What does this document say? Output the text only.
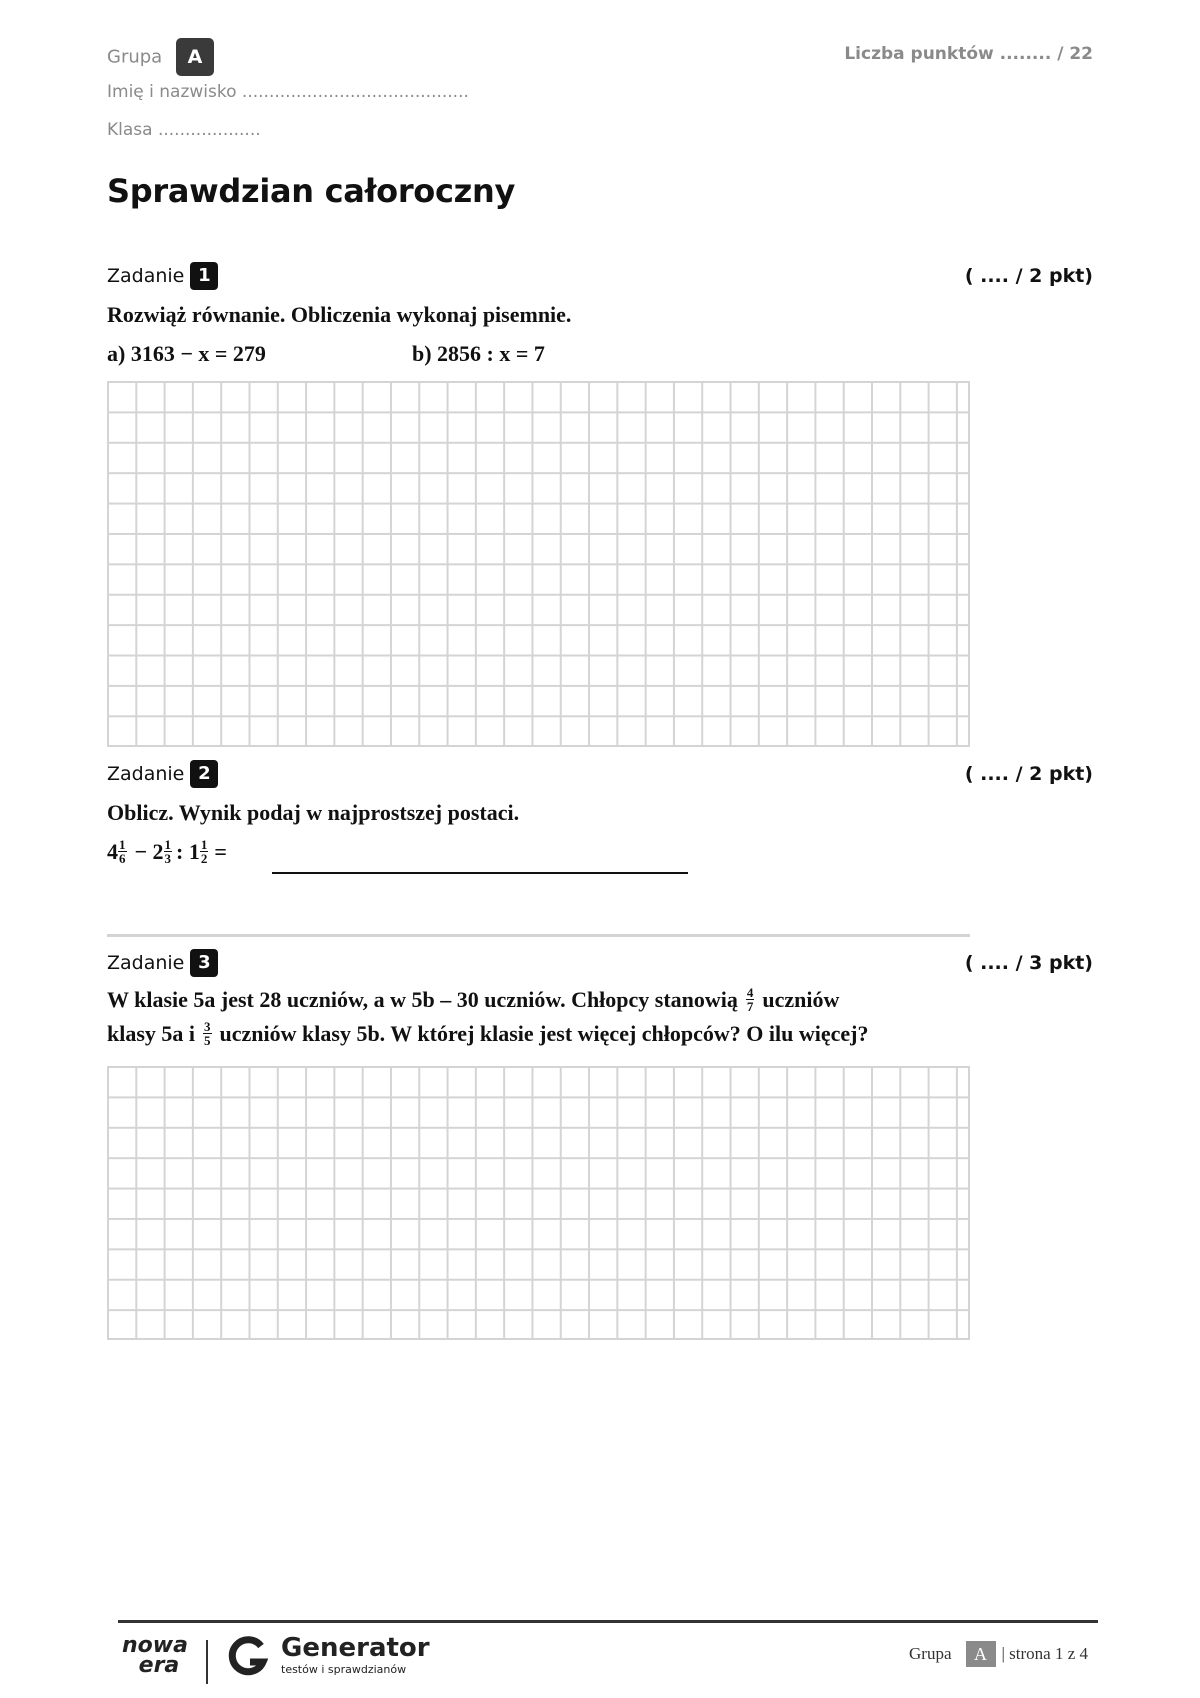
Grupa A
Imię i nazwisko ..........................................
Klasa ...................
Liczba punktów ........ / 22
Sprawdzian całoroczny
Zadanie 1	( .... / 2 pkt)
Rozwiąż równanie. Obliczenia wykonaj pisemnie.
a) 3163 − x = 279	b) 2856 : x = 7
Zadanie 2	( .... / 2 pkt)
Oblicz. Wynik podaj w najprostszej postaci.
$4 \frac{1}{6} - 2 \frac{1}{3}$ : $1 \frac{1}{2}$ =
Zadanie 3	( .... / 3 pkt)
W klasie 5a jest 28 uczniów, a w 5b – 30 uczniów. Chłopcy stanowią $\frac{4}{7}$ uczniów
klasy 5a i $\frac{3}{5}$ uczniów klasy 5b. W której klasie jest więcej chłopców? O ilu więcej?
nowa
era
Generator
testów i sprawdzianów
Grupa	A | strona 1 z 4
